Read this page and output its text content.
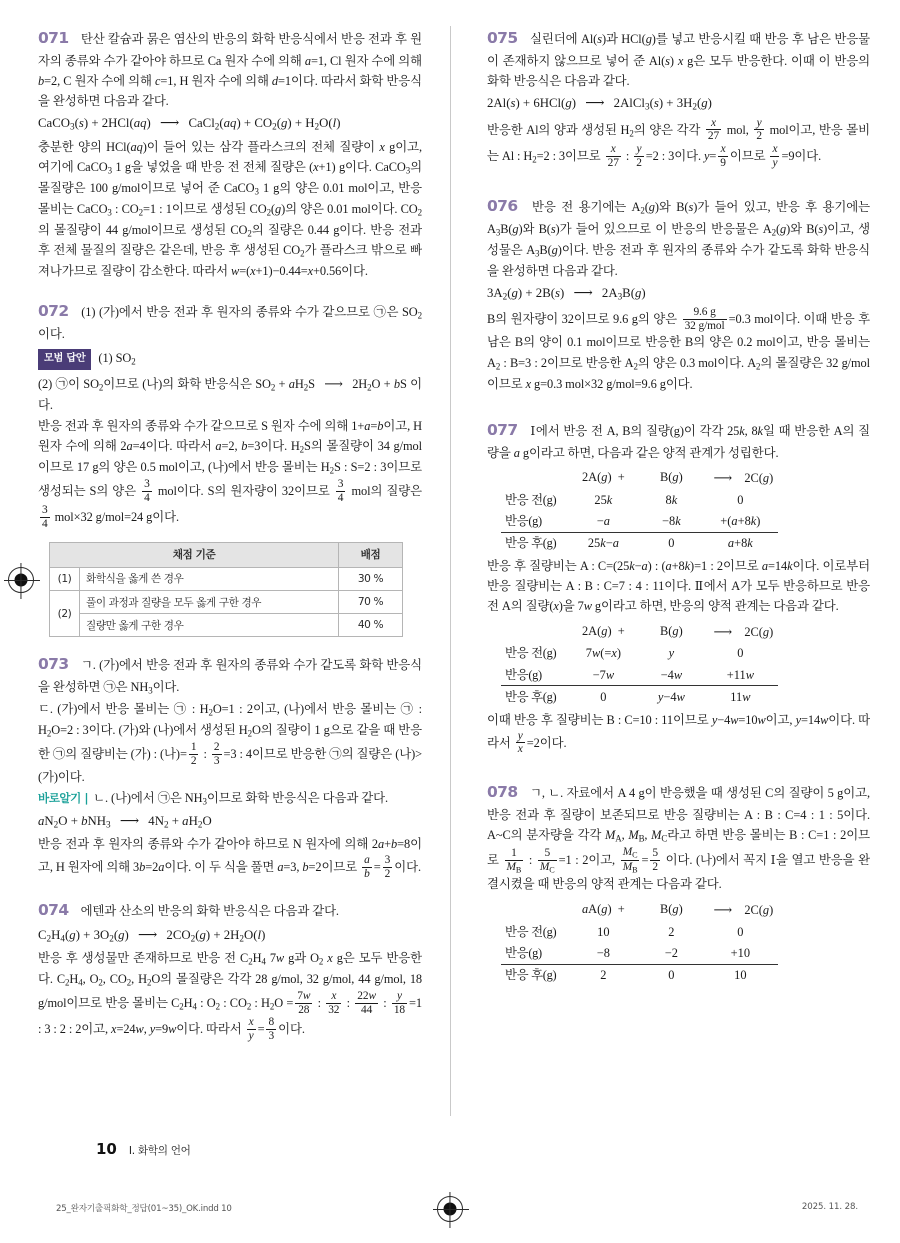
071 탄산 칼슘과 묽은 염산의 반응의 화학 반응식에서 반응 전과 후 원자의 종류와 수가 같아야 하므로 Ca 원자 수에 의해 a=1, Cl 원자 수에 의해 b=2, C 원자 수에 의해 c=1, H 원자 수에 의해 d=1이다. 따라서 화학 반응식을 완성하면 다음과 같다.

CaCO$_3$(s) + 2HCl(aq) ⟶ CaCl$_2$(aq) + $CO_2(g) + H_2O(l)$

충분한 양의 HCl(aq)이 들어 있는 삼각 플라스크의 전체 질량이 x g이고, 여기에 CaCO$_3$ 1 g을 넣었을 때 반응 전 전체 질량은 (x+1) g이다. CaCO$_3$의 몰질량은 100 g/mol이므로 넣어 준 CaCO$_3$ 1 g의 양은 0.01 mol이고, 반응 몰비는 CaCO$_3$ : $CO_2=1$ : 1이므로 생성된 $CO_2(g)$의 양은 0.01 mol이다. $CO_2$의 몰질량이 44 g/mol이므로 생성된 $CO_2$의 질량은 0.44 g이다. 반응 전과 후 전체 물질의 질량은 같은데, 반응 후 생성된 $CO_2$가 플라스크 밖으로 빠져나가므로 질량이 감소한다. 따라서 w=(x+1)−0.44=x+0.56이다.

072 (1) (가)에서 반응 전과 후 원자의 종류와 수가 같으므로 ㉠은 $SO_2$이다.

모범 답안 (1) $SO_2$

(2) ㉠이 $SO_2$이므로 (나)의 화학 반응식은 $SO_2 + aH_2S$ ⟶ $2H_2O$ + bS 이다.

반응 전과 후 원자의 종류와 수가 같으므로 S 원자 수에 의해 1+a=b이고, H 원자 수에 의해 2a=4이다. 따라서 a=2, b=3이다. $H_2S$의 몰질량이 34 g/mol이므로 17 g의 양은 0.5 mol이고, (나)에서 반응 몰비는 $H_2S$ : S=2 : 3이므로 생성되는 S의 양은 $\frac{3}{4}$ mol이다. S의 원자량이 32이므로 $\frac{3}{4}$ mol의 질량은
$\frac{3}{4} mol\times 32$ g/mol=24 g이다.

채점 기준		배점
(1)	화학식을 옳게 쓴 경우	30 %
(2)	풀이 과정과 질량을 모두 옳게 구한 경우	70 %
	질량만 옳게 구한 경우	40 %

073 ㄱ. (가)에서 반응 전과 후 원자의 종류와 수가 같도록 화학 반응식을 완성하면 ㉠은 $NH_3$이다.

ㄷ. (가)에서 반응 몰비는 ㉠ : $H_2O=1$ : 2이고, (나)에서 반응 몰비는 ㉠ : $H_2O=2$ : 3이다. (가)와 (나)에서 생성된 $H_2O$의 질량이 1 g으로 같을 때 반응한 ㉠의 질량비는 (가) : (나)= $\frac{1}{2}$ : $\frac{2}{3} =3$ : 4이므로 반응한 ㉠의 질량은 (나)>(가)이다.

바로알기 | ㄴ. (나)에서 ㉠은 $NH_3$이므로 화학 반응식은 다음과 같다.

$aN_2O + bNH_3$ ⟶	$4N_2 + aH_2O$

반응 전과 후 원자의 종류와 수가 같아야 하므로 N 원자에 의해 2a+b=8이고, H 원자에 의해 3b=2a이다. 이 두 식을 풀면 a=3, b=2이므로 $\frac{a}{b} = \frac{3}{2}$ 이다.

074 에텐과 산소의 반응의 화학 반응식은 다음과 같다.

$C_2H_4(g) + 3O_2(g)$ ⟶ $2CO_2(g) + 2H_2O(l)$

반응 후 생성물만 존재하므로 반응 전 $C_2H_4$ 7w g과 $O_2$ x g은 모두 반응한다. $C_2H_4$, $O_2$, $CO_2$, $H_2O$의 몰질량은 각각 28 g/mol, 32 g/mol, 44 g/mol, 18 g/mol이므로 반응 몰비는 $C_2H_4$ : $O_2$ : $CO_2$ : $H_2O = \frac{7w}{28}$ : $\frac{x}{32}$ : $\frac{22w}{44}$ : $\frac{y}{18} =1$ : 3 : 2 : 2이고, x=24w, y=9w이다. 따라서 $\frac{x}{y} = \frac{8}{3}$ 이다.

075 실린더에 Al(s)과 HCl(g)를 넣고 반응시킬 때 반응 후 남은 반응물이 존재하지 않으므로 넣어 준 Al(s) x g은 모두 반응한다. 이때 이 반응의 화학 반응식은 다음과 같다.

2Al(s) + 6HCl(g) ⟶ 2AlCl$_3$(s) + $3H_2(g)$

반응한 Al의 양과 생성된 $H_2$의 양은 각각 $\frac{x}{27}$ mol, $\frac{y}{2}$ mol이고, 반응 몰비는 Al : $H_2=2$ : 3이므로 $\frac{x}{27}$ : $\frac{y}{2} =2$ : 3이다. $y= \frac{x}{9}$ 이므로 $\frac{x}{y} =9$이다.

076 반응 전 용기에는 $A_2(g)$와 B(s)가 들어 있고, 반응 후 용기에는 $A_3B(g)$와 B(s)가 들어 있으므로 이 반응의 반응물은 $A_2(g)$와 B(s)이고, 생성물은 $A_3B(g)$이다. 반응 전과 후 원자의 종류와 수가 같도록 화학 반응식을 완성하면 다음과 같다.

$3A_2(g) + 2B(s)$ ⟶ $2A_3B(g)$

B의 원자량이 32이므로 9.6 g의 양은 $\frac{9.6 g}{\text{32 g/mol}} =0.3$ mol이다. 이때 반응 후 남은 B의 양이 0.1 mol이므로 반응한 B의 양은 0.2 mol이고, 반응 몰비는 $A_2$ : B=3 : 2이므로 반응한 $A_2$의 양은 0.3 mol이다. $A_2$의 몰질량은 32 g/mol이므로 x g=0.3 mol×32 g/mol=9.6 g이다.

077 Ⅰ에서 반응 전 A, B의 질량(g)이 각각 25k, 8k일 때 반응한 A의 질량을 a g이라고 하면, 다음과 같은 양적 관계가 성립한다.

	2A(g)  +	B(g)	⟶  2C(g)
반응 전(g)	25k	8k	0
반응(g)	−a	−8k	+(a+8k)
반응 후(g)	25k−a	0	a+8k

반응 후 질량비는 A : C=(25k−a) : (a+8k)=1 : 2이므로 a=14k이다. 이로부터 반응 질량비는 A : B : C=7 : 4 : 11이다. Ⅱ에서 A가 모두 반응하므로 반응 전 A의 질량(x)을 7w g이라고 하면, 반응의 양적 관계는 다음과 같다.

	2A(g)  +	B(g)	⟶  2C(g)
반응 전(g)	7w(=x)	y	0
반응(g)	−7w	−4w	+11w
반응 후(g)	0	y−4w	11w

이때 반응 후 질량비는 B : C=10 : 11이므로 y−4w=10w이고, y=14w이다. 따라서 $\frac{y}{x} =2$이다.

078 ㄱ, ㄴ. 자료에서 A 4 g이 반응했을 때 생성된 C의 질량이 5 g이고, 반응 전과 후 질량이 보존되므로 반응 질량비는 A : B : C=4 : 1 : 5이다. A~C의 분자량을 각각 $M_A$, $M_B$, $M_C$라고 하면 반응 몰비는 B : C=1 : 2이므로 $\frac{1}{M_B}$ : $\frac{5}{M_C} =1$ : 2이고, $\frac{M_C}{M_B} = \frac{5}{2}$ 이다. (나)에서 꼭지 Ⅰ을 열고 반응을 완결시켰을 때 반응의 양적 관계는 다음과 같다.

	aA(g)  +	B(g)	⟶  2C(g)
반응 전(g)	10	2	0
반응(g)	−8	−2	+10
반응 후(g)	2	0	10
10 I. 화학의 언어
25_완자기출픽화학_정답(01~35)_OK.indd 10	2025. 11. 28.
